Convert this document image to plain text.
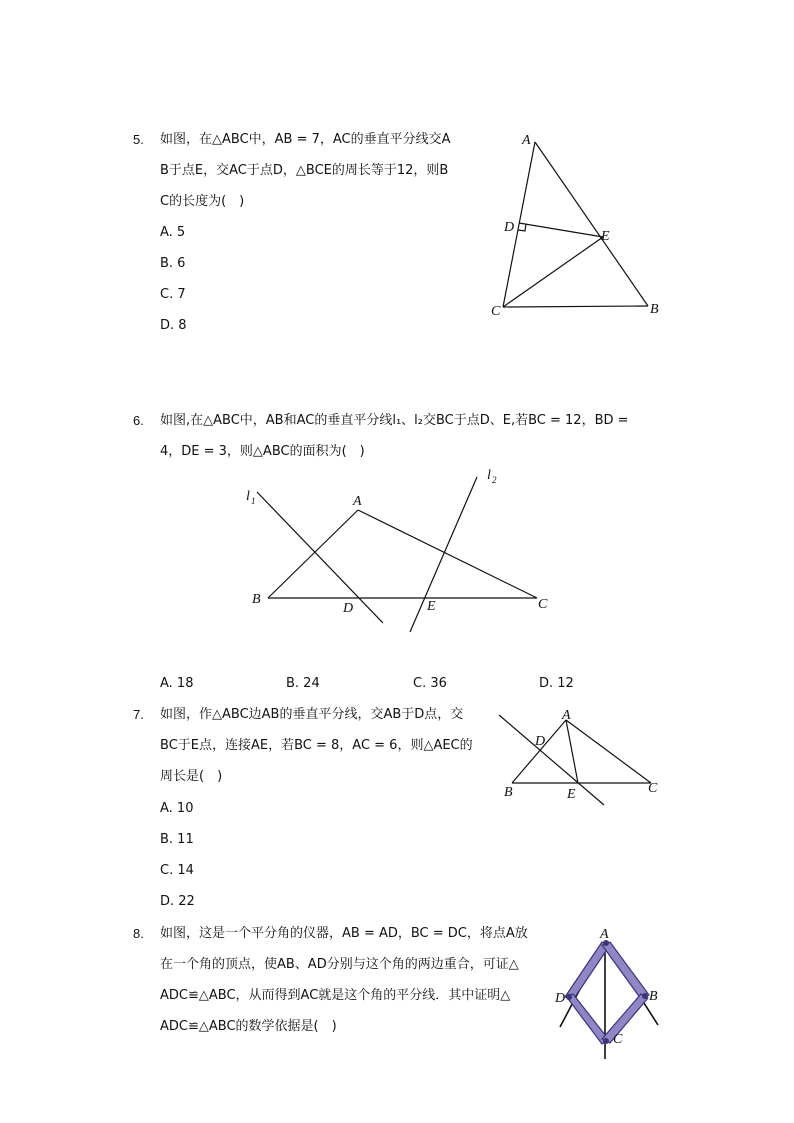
5. 如图，在△ABC中，AB = 7，AC的垂直平分线交A
B于点E，交AC于点D，△BCE的周长等于12，则B
C的长度为(　)
A. 5
B. 6
C. 7
D. 8
A
B
C
D
E
6. 如图,在△ABC中，AB和AC的垂直平分线l₁、l₂交BC于点D、E,若BC = 12，BD =
4，DE = 3，则△ABC的面积为(　)
A
B	C
D	E
l 1
l 2
A. 18	B. 24	C. 36	D. 12
7. 如图，作△ABC边AB的垂直平分线，交AB于D点，交
BC于E点，连接AE，若BC = 8，AC = 6，则△AEC的
周长是(　)
A. 10
B. 11
C. 14
D. 22
A
B	C
D
E
8. 如图，这是一个平分角的仪器，AB = AD，BC = DC，将点A放
在一个角的顶点，使AB、AD分别与这个角的两边重合，可证△
ADC≌△ABC，从而得到AC就是这个角的平分线．其中证明△
ADC≌△ABC的数学依据是(　)
A
B
C
D
